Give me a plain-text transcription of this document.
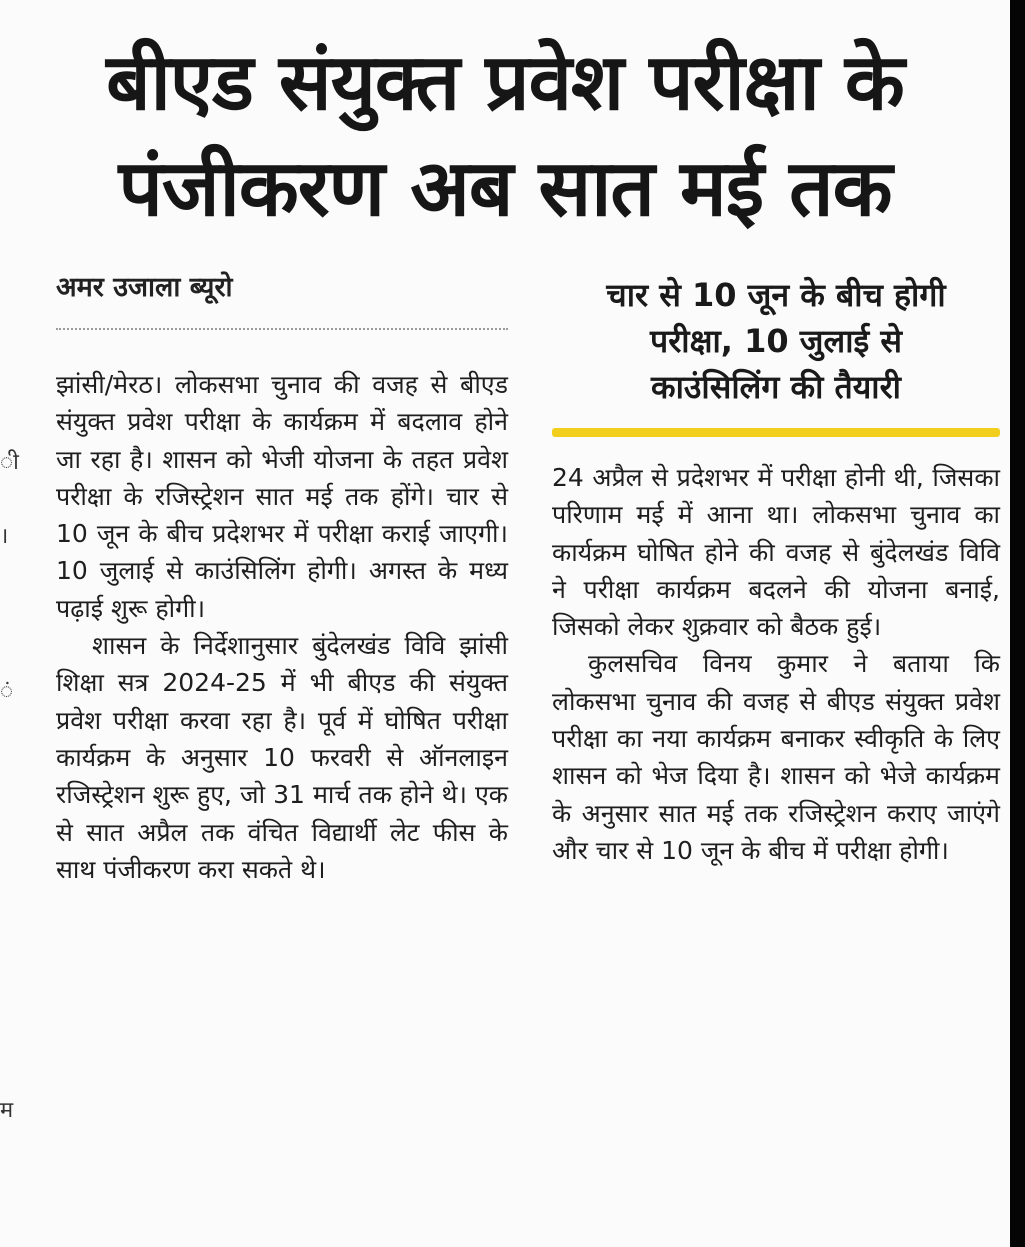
बीएड संयुक्त प्रवेश परीक्षा के
पंजीकरण अब सात मई तक
ी
।
ं
म
अमर उजाला ब्यूरो

झांसी/मेरठ। लोकसभा चुनाव की वजह से बीएड संयुक्त प्रवेश परीक्षा के कार्यक्रम में बदलाव होने जा रहा है। शासन को भेजी योजना के तहत प्रवेश परीक्षा के रजिस्ट्रेशन सात मई तक होंगे। चार से 10 जून के बीच प्रदेशभर में परीक्षा कराई जाएगी। 10 जुलाई से काउंसिलिंग होगी। अगस्त के मध्य पढ़ाई शुरू होगी।

शासन के निर्देशानुसार बुंदेलखंड विवि झांसी शिक्षा सत्र 2024-25 में भी बीएड की संयुक्त प्रवेश परीक्षा करवा रहा है। पूर्व में घोषित परीक्षा कार्यक्रम के अनुसार 10 फरवरी से ऑनलाइन रजिस्ट्रेशन शुरू हुए, जो 31 मार्च तक होने थे। एक से सात अप्रैल तक वंचित विद्यार्थी लेट फीस के साथ पंजीकरण करा सकते थे।

चार से 10 जून के बीच होगी
परीक्षा, 10 जुलाई से
काउंसिलिंग की तैयारी

24 अप्रैल से प्रदेशभर में परीक्षा होनी थी, जिसका परिणाम मई में आना था। लोकसभा चुनाव का कार्यक्रम घोषित होने की वजह से बुंदेलखंड विवि ने परीक्षा कार्यक्रम बदलने की योजना बनाई, जिसको लेकर शुक्रवार को बैठक हुई।

कुलसचिव विनय कुमार ने बताया कि लोकसभा चुनाव की वजह से बीएड संयुक्त प्रवेश परीक्षा का नया कार्यक्रम बनाकर स्वीकृति के लिए शासन को भेज दिया है। शासन को भेजे कार्यक्रम के अनुसार सात मई तक रजिस्ट्रेशन कराए जाएंगे और चार से 10 जून के बीच में परीक्षा होगी।
